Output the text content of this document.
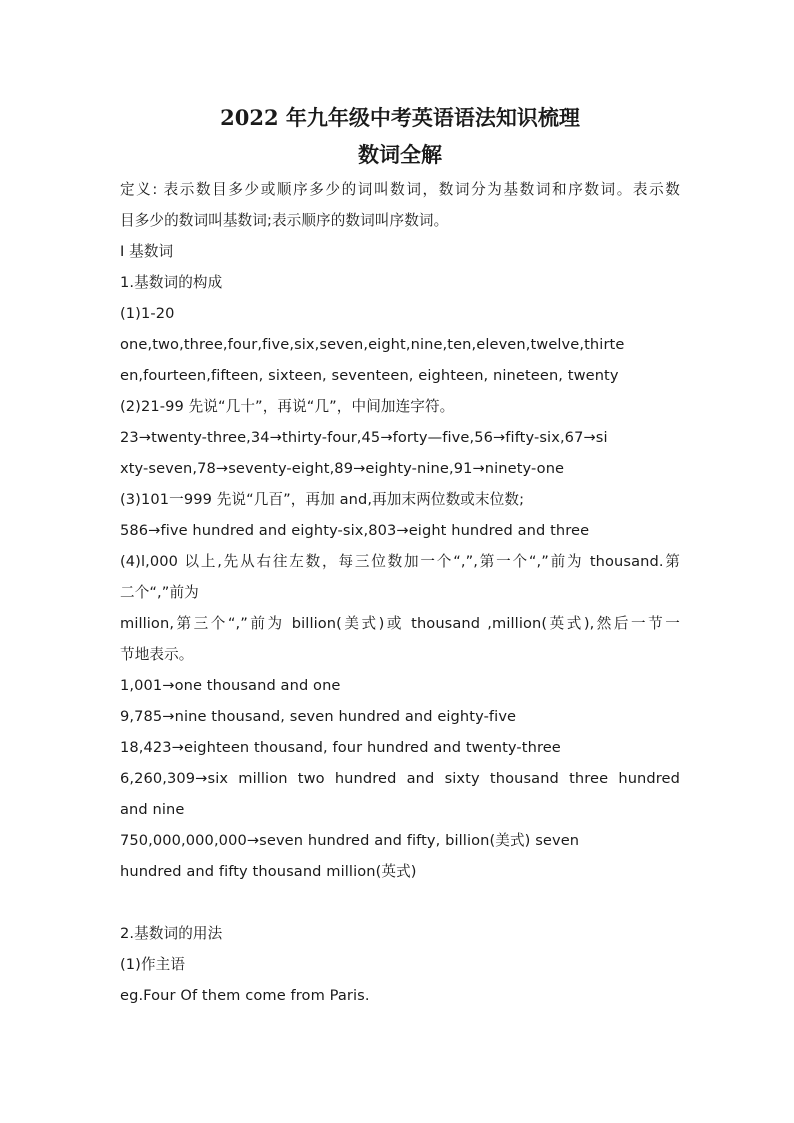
2022 年九年级中考英语语法知识梳理
数词全解
定义: 表示数目多少或顺序多少的词叫数词，数词分为基数词和序数词。表示数
目多少的数词叫基数词;表示顺序的数词叫序数词。
I 基数词
1.基数词的构成
(1)1-20
one,two,three,four,five,six,seven,eight,nine,ten,eleven,twelve,thirte
en,fourteen,fifteen, sixteen, seventeen, eighteen, nineteen, twenty
(2)21-99 先说“几十”，再说“几”，中间加连字符。
23→twenty-three,34→thirty-four,45→forty—five,56→fifty-six,67→si
xty-seven,78→seventy-eight,89→eighty-nine,91→ninety-one
(3)101一999 先说“几百”，再加 and,再加末两位数或末位数;
586→five hundred and eighty-six,803→eight hundred and three
(4)l,000 以上,先从右往左数，每三位数加一个“,”,第一个“,”前为 thousand.第
二个“,”前为
million,第三个“,”前为 billion(美式)或 thousand ,million(英式),然后一节一
节地表示。
1,001→one thousand and one
9,785→nine thousand, seven hundred and eighty-five
18,423→eighteen thousand, four hundred and twenty-three
6,260,309→six million two hundred and sixty thousand three hundred
and nine
750,000,000,000→seven hundred and fifty, billion(美式) seven
hundred and fifty thousand million(英式)
2.基数词的用法
(1)作主语
eg.Four Of them come from Paris.
